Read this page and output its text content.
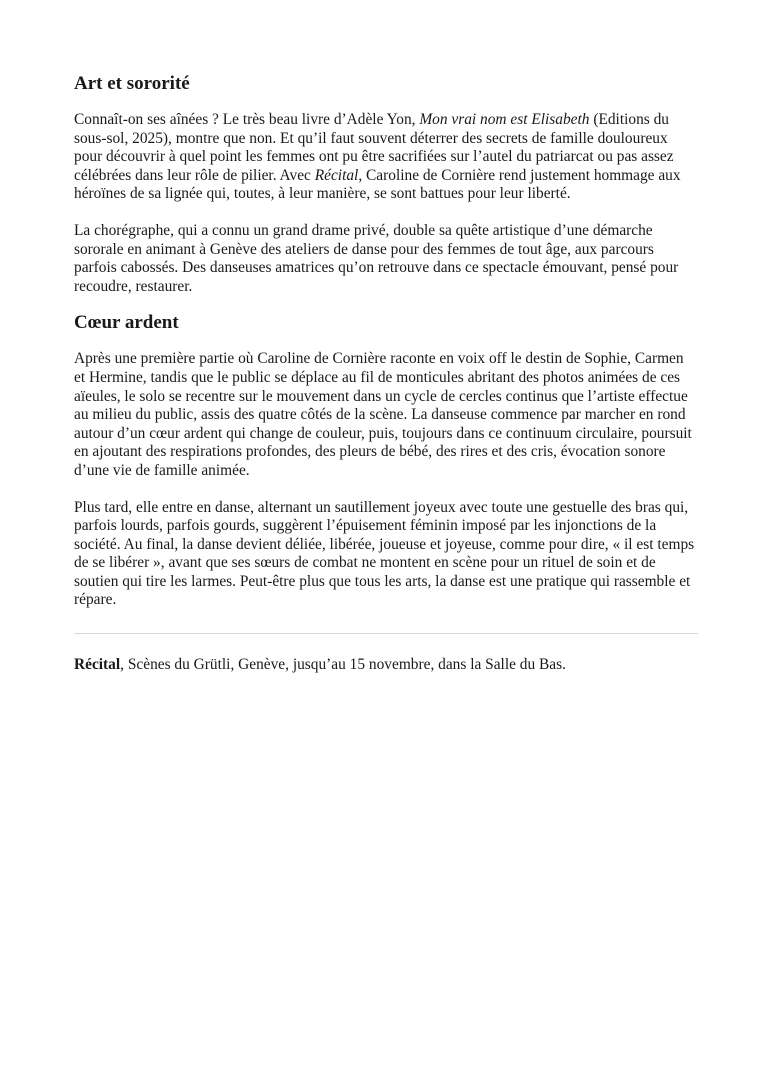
Art et sororité

Connaît-on ses aînées ? Le très beau livre d’Adèle Yon, Mon vrai nom est Elisabeth (Editions du sous-sol, 2025), montre que non. Et qu’il faut souvent déterrer des secrets de famille douloureux pour découvrir à quel point les femmes ont pu être sacrifiées sur l’autel du patriarcat ou pas assez célébrées dans leur rôle de pilier. Avec Récital, Caroline de Cornière rend justement hommage aux héroïnes de sa lignée qui, toutes, à leur manière, se sont battues pour leur liberté.

La chorégraphe, qui a connu un grand drame privé, double sa quête artistique d’une démarche sororale en animant à Genève des ateliers de danse pour des femmes de tout âge, aux parcours parfois cabossés. Des danseuses amatrices qu’on retrouve dans ce spectacle émouvant, pensé pour recoudre, restaurer.

Cœur ardent

Après une première partie où Caroline de Cornière raconte en voix off le destin de Sophie, Carmen et Hermine, tandis que le public se déplace au fil de monticules abritant des photos animées de ces aïeules, le solo se recentre sur le mouvement dans un cycle de cercles continus que l’artiste effectue au milieu du public, assis des quatre côtés de la scène. La danseuse commence par marcher en rond autour d’un cœur ardent qui change de couleur, puis, toujours dans ce continuum circulaire, poursuit en ajoutant des respirations profondes, des pleurs de bébé, des rires et des cris, évocation sonore d’une vie de famille animée.

Plus tard, elle entre en danse, alternant un sautillement joyeux avec toute une gestuelle des bras qui, parfois lourds, parfois gourds, suggèrent l’épuisement féminin imposé par les injonctions de la société. Au final, la danse devient déliée, libérée, joueuse et joyeuse, comme pour dire, « il est temps de se libérer », avant que ses sœurs de combat ne montent en scène pour un rituel de soin et de soutien qui tire les larmes. Peut-être plus que tous les arts, la danse est une pratique qui rassemble et répare.

Récital, Scènes du Grütli, Genève, jusqu’au 15 novembre, dans la Salle du Bas.
